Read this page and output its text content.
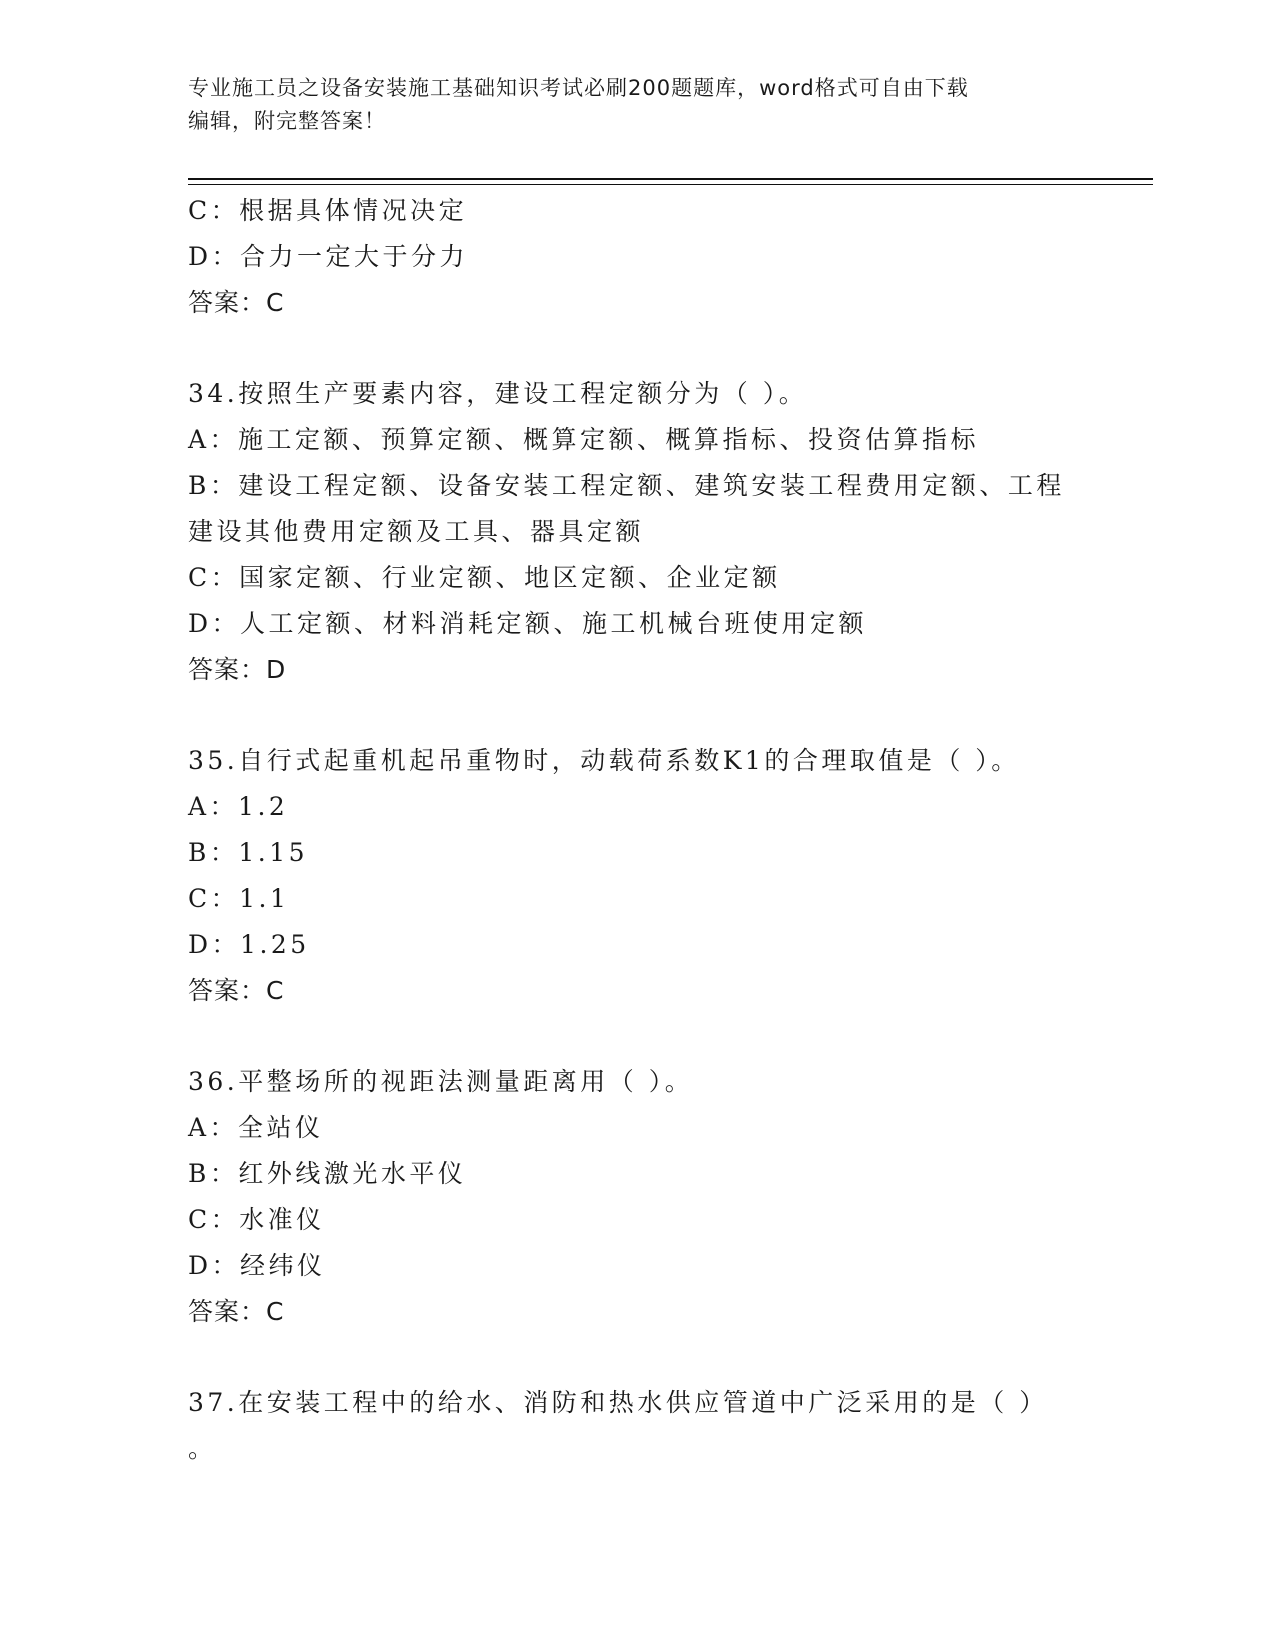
专业施工员之设备安装施工基础知识考试必刷200题题库，word格式可自由下载
编辑，附完整答案！
C：根据具体情况决定
D：合力一定大于分力
答案：C
34.按照生产要素内容，建设工程定额分为（ ）。
A：施工定额、预算定额、概算定额、概算指标、投资估算指标
B：建设工程定额、设备安装工程定额、建筑安装工程费用定额、工程
建设其他费用定额及工具、器具定额
C：国家定额、行业定额、地区定额、企业定额
D：人工定额、材料消耗定额、施工机械台班使用定额
答案：D
35.自行式起重机起吊重物时，动载荷系数K1的合理取值是（ ）。
A：1.2
B：1.15
C：1.1
D：1.25
答案：C
36.平整场所的视距法测量距离用（ ）。
A：全站仪
B：红外线激光水平仪
C：水准仪
D：经纬仪
答案：C
37.在安装工程中的给水、消防和热水供应管道中广泛采用的是（ ）
。
